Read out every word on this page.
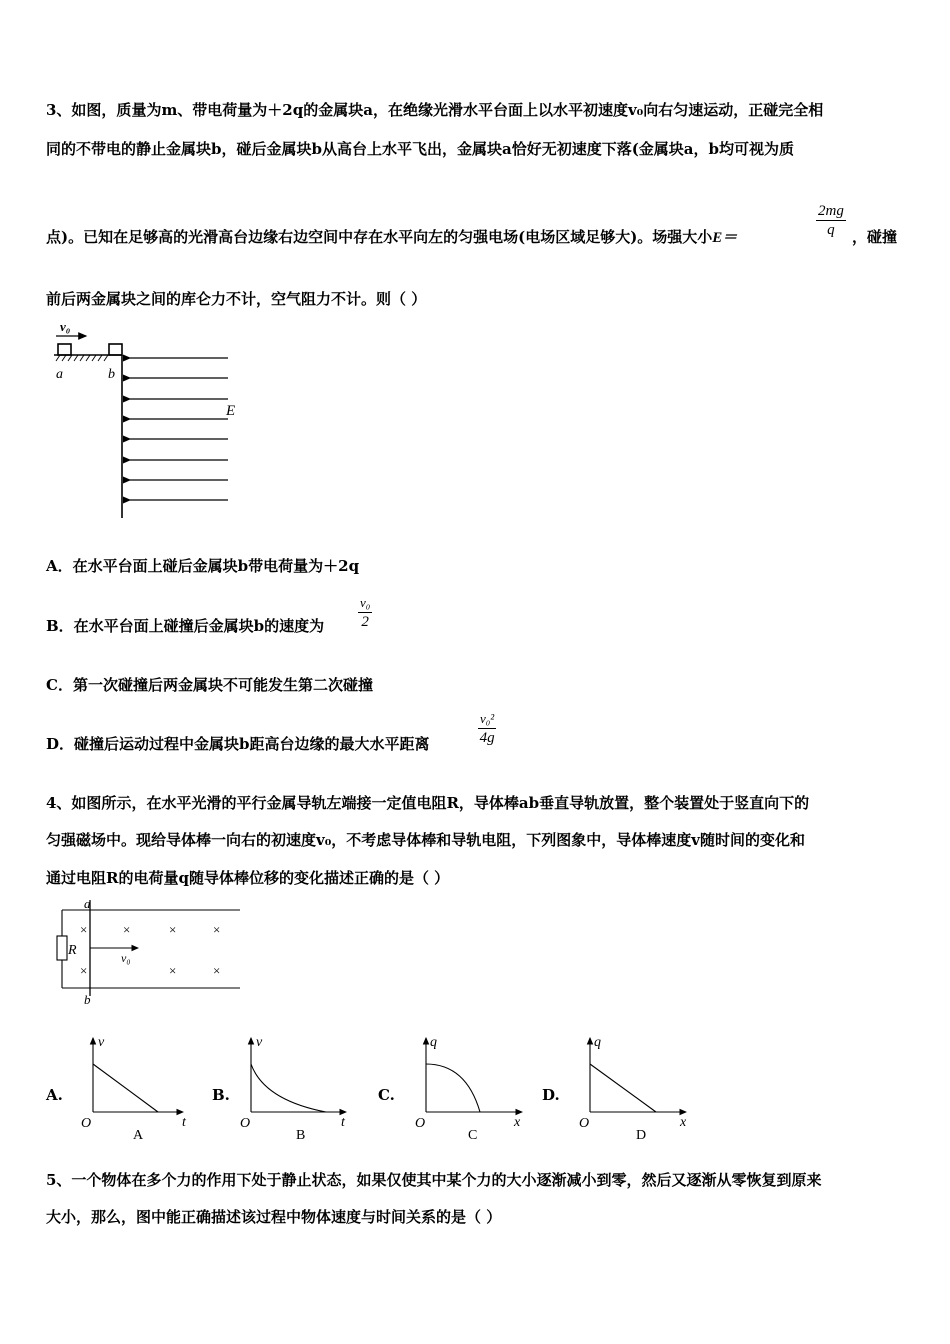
3、如图，质量为m、带电荷量为＋2q的金属块a，在绝缘光滑水平台面上以水平初速度v₀向右匀速运动，正碰完全相
同的不带电的静止金属块b，碰后金属块b从高台上水平飞出，金属块a恰好无初速度下落(金属块a，b均可视为质
点)。已知在足够高的光滑高台边缘右边空间中存在水平向左的匀强电场(电场区域足够大)。场强大小E＝	$\frac{2mg}{q}$ ，碰撞
前后两金属块之间的库仑力不计，空气阻力不计。则（ ）
v₀
a	b
E
A．在水平台面上碰后金属块b带电荷量为＋2q
B．在水平台面上碰撞后金属块b的速度为	$\frac{\text{v₀}}{2}$
C．第一次碰撞后两金属块不可能发生第二次碰撞
D．碰撞后运动过程中金属块b距高台边缘的最大水平距离	$\frac{\text{v₀²}}{4g}$
4、如图所示，在水平光滑的平行金属导轨左端接一定值电阻R，导体棒ab垂直导轨放置，整个装置处于竖直向下的
匀强磁场中。现给导体棒一向右的初速度v₀，不考虑导体棒和导轨电阻，下列图象中，导体棒速度v随时间的变化和
通过电阻R的电荷量q随导体棒位移的变化描述正确的是（ ）
R
a
b
v₀
×	×	×	×
×	×	×
A.
v
t
O
A
B.
v
t
O
B
C.
q
x
O
C
D.
q
x
O
D
5、一个物体在多个力的作用下处于静止状态，如果仅使其中某个力的大小逐渐减小到零，然后又逐渐从零恢复到原来
大小，那么，图中能正确描述该过程中物体速度与时间关系的是（ ）
